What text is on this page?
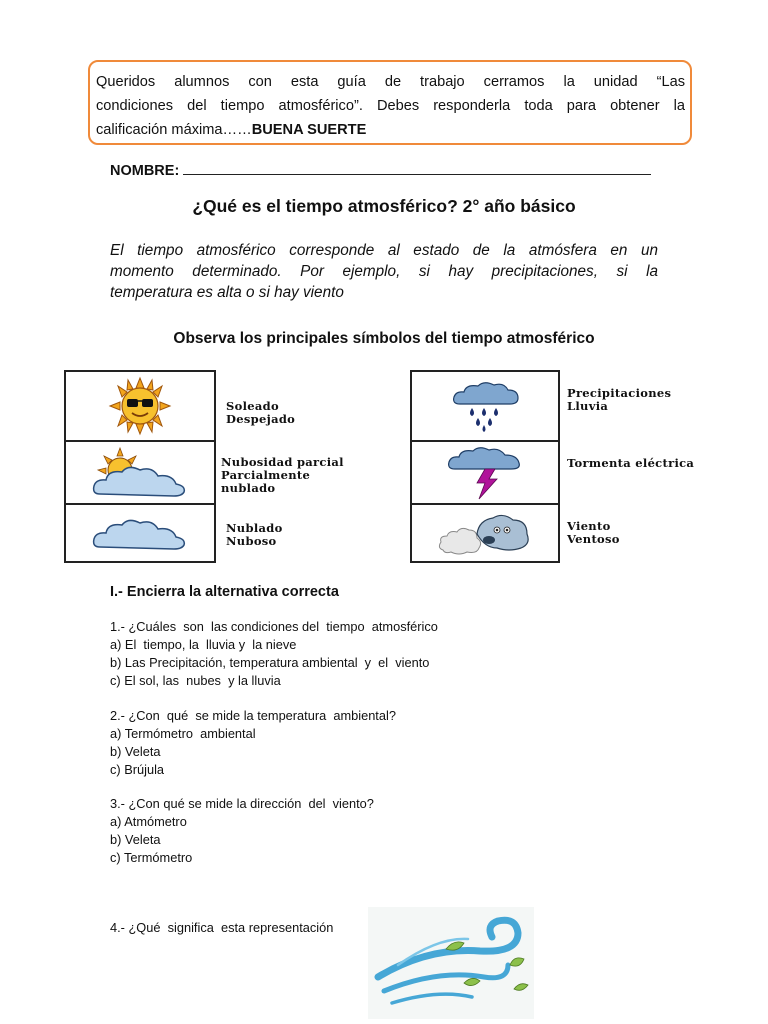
Queridos alumnos con esta guía de trabajo cerramos la unidad “Las
condiciones del tiempo atmosférico”. Debes responderla toda para obtener la
calificación máxima……BUENA SUERTE
NOMBRE:
¿Qué es el tiempo atmosférico? 2° año básico
El tiempo atmosférico corresponde al estado de la atmósfera en un
momento determinado. Por ejemplo, si hay precipitaciones, si la
temperatura es alta o si hay viento
Observa los principales símbolos del tiempo atmosférico
Soleado
Despejado
Nubosidad parcial
Parcialmente
nublado
Nublado
Nuboso
Precipitaciones
Lluvia
Tormenta eléctrica
Viento
Ventoso
I.- Encierra la alternativa correcta
1.- ¿Cuáles  son  las condiciones del  tiempo  atmosférico
a) El  tiempo, la  lluvia y  la nieve
b) Las Precipitación, temperatura ambiental  y  el  viento
c) El sol, las  nubes  y la lluvia
2.- ¿Con  qué  se mide la temperatura  ambiental?
a) Termómetro  ambiental
b) Veleta
c) Brújula
3.- ¿Con qué se mide la dirección  del  viento?
a) Atmómetro
b) Veleta
c) Termómetro
4.- ¿Qué  significa  esta representación
